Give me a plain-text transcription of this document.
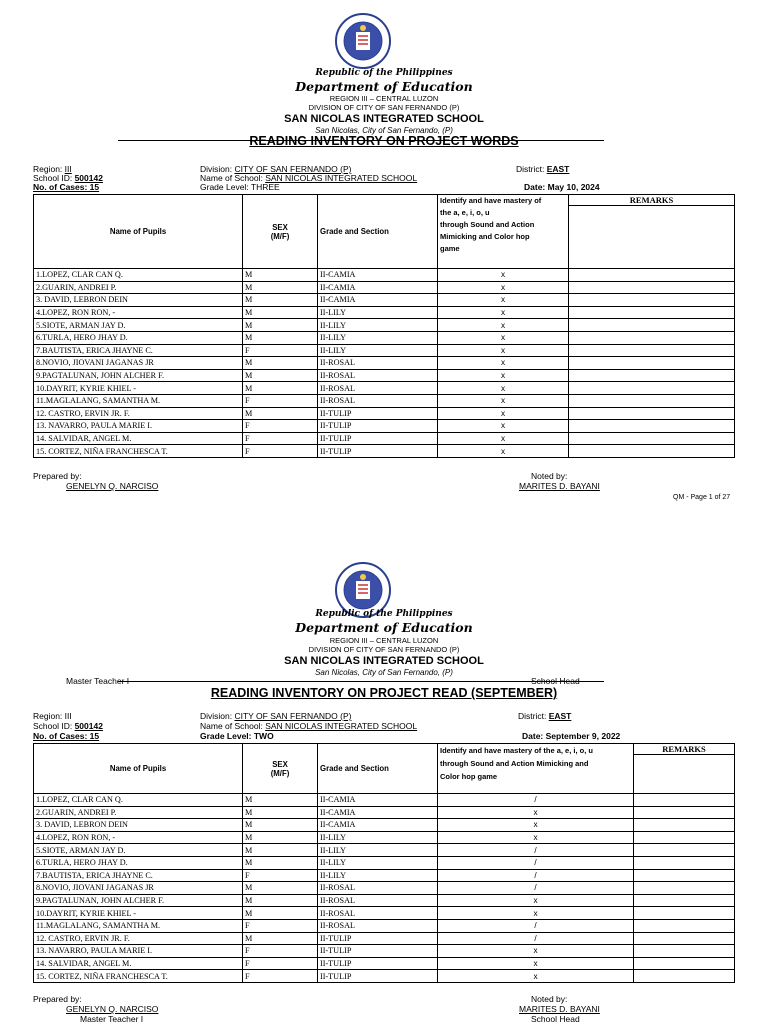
Republic of the Philippines
Department of Education
REGION III – CENTRAL LUZON
DIVISION OF CITY OF SAN FERNANDO (P)
SAN NICOLAS INTEGRATED SCHOOL
San Nicolas, City of San Fernando, (P)
READING INVENTORY ON PROJECT WORDS
Region: III
School ID: 500142
No. of Cases: 15
Division: CITY OF SAN FERNANDO (P)
Name of School: SAN NICOLAS INTEGRATED SCHOOL
Grade Level: THREE
District: EAST
Date: May 10, 2024
Name of Pupils	SEX
(M/F)	Grade and Section	Identify and have mastery of
the a, e, i, o, u
through Sound and Action
Mimicking and Color hop
game	REMARKS

1.LOPEZ, CLAR CAN Q.	M	II-CAMIA	x	
2.GUARIN, ANDREI P.	M	II-CAMIA	x	
3. DAVID, LEBRON DEIN	M	II-CAMIA	x	
4.LOPEZ, RON RON, -	M	II-LILY	x	
5.SIOTE, ARMAN JAY D.	M	II-LILY	x	
6.TURLA, HERO JHAY D.	M	II-LILY	x	
7.BAUTISTA, ERICA JHAYNE C.	F	II-LILY	x	
8.NOVIO, JIOVANI JAGANAS JR	M	II-ROSAL	x	
9.PAGTALUNAN, JOHN ALCHER F.	M	II-ROSAL	x	
10.DAYRIT, KYRIE KHIEL -	M	II-ROSAL	x	
11.MAGLALANG, SAMANTHA M.	F	II-ROSAL	x	
12. CASTRO, ERVIN JR. F.	M	II-TULIP	x	
13. NAVARRO, PAULA MARIE I.	F	II-TULIP	x	
14. SALVIDAR, ANGEL M.	F	II-TULIP	x	
15. CORTEZ, NIÑA FRANCHESCA T.	F	II-TULIP	x	
Prepared by:
GENELYN Q. NARCISO
Noted by:
MARITES D. BAYANI
QM - Page 1 of 27
Republic of the Philippines
Department of Education
REGION III – CENTRAL LUZON
DIVISION OF CITY OF SAN FERNANDO (P)
SAN NICOLAS INTEGRATED SCHOOL
San Nicolas, City of San Fernando, (P)
Master Teacher I	School Head
READING INVENTORY ON PROJECT READ (SEPTEMBER)
Region: III
School ID: 500142
No. of Cases: 15
Division: CITY OF SAN FERNANDO (P)
Name of School: SAN NICOLAS INTEGRATED SCHOOL
Grade Level: TWO
District: EAST
Date: September 9, 2022
Name of Pupils	SEX
(M/F)	Grade and Section	Identify and have mastery of the a, e, i, o, u
through Sound and Action Mimicking and
Color hop game	REMARKS

1.LOPEZ, CLAR CAN Q.	M	II-CAMIA	/	
2.GUARIN, ANDREI P.	M	II-CAMIA	x	
3. DAVID, LEBRON DEIN	M	II-CAMIA	x	
4.LOPEZ, RON RON, -	M	II-LILY	x	
5.SIOTE, ARMAN JAY D.	M	II-LILY	/	
6.TURLA, HERO JHAY D.	M	II-LILY	/	
7.BAUTISTA, ERICA JHAYNE C.	F	II-LILY	/	
8.NOVIO, JIOVANI JAGANAS JR	M	II-ROSAL	/	
9.PAGTALUNAN, JOHN ALCHER F.	M	II-ROSAL	x	
10.DAYRIT, KYRIE KHIEL -	M	II-ROSAL	x	
11.MAGLALANG, SAMANTHA M.	F	II-ROSAL	/	
12. CASTRO, ERVIN JR. F.	M	II-TULIP	/	
13. NAVARRO, PAULA MARIE I.	F	II-TULIP	x	
14. SALVIDAR, ANGEL M.	F	II-TULIP	x	
15. CORTEZ, NIÑA FRANCHESCA T.	F	II-TULIP	x	
Prepared by:
GENELYN Q. NARCISO
Master Teacher I
Noted by:
MARITES D. BAYANI
School Head
